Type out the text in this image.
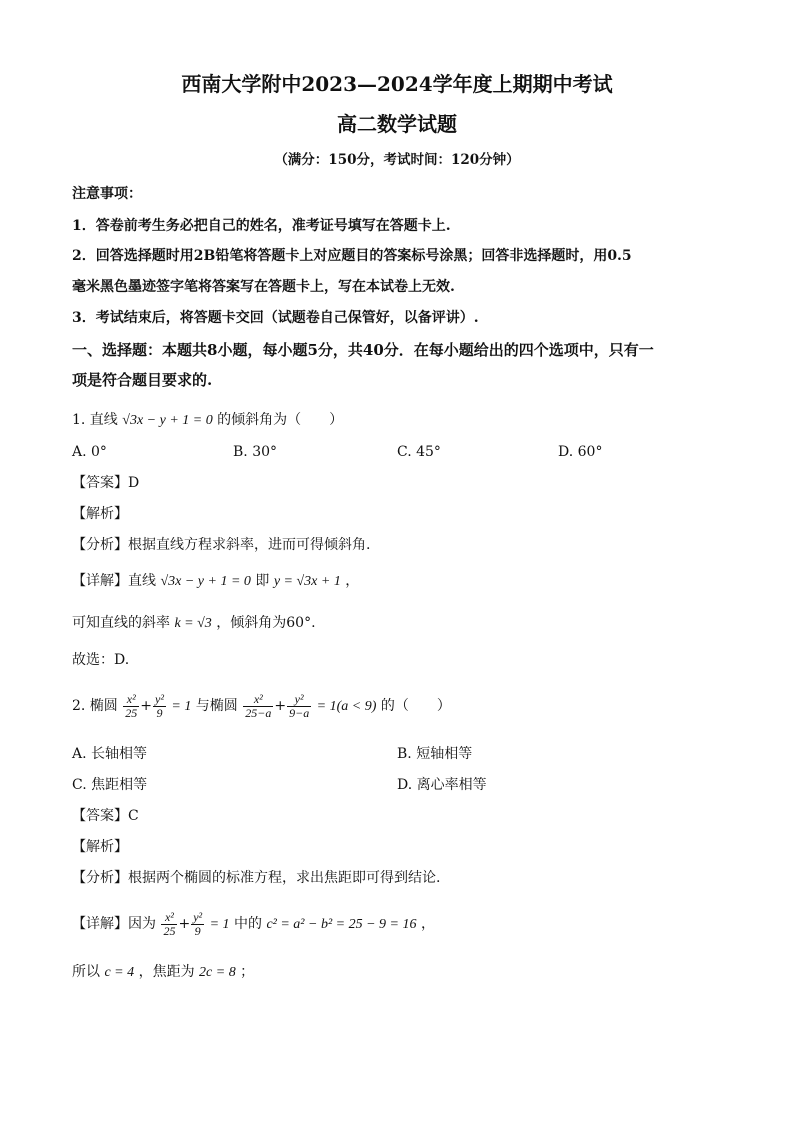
西南大学附中2023—2024学年度上期期中考试
高二数学试题
（满分：150分，考试时间：120分钟）
注意事项：
1．答卷前考生务必把自己的姓名，准考证号填写在答题卡上.
2．回答选择题时用2B铅笔将答题卡上对应题目的答案标号涂黑；回答非选择题时，用0.5
毫米黑色墨迹签字笔将答案写在答题卡上，写在本试卷上无效.
3．考试结束后，将答题卡交回（试题卷自己保管好，以备评讲）.
一、选择题：本题共8小题，每小题5分，共40分．在每小题给出的四个选项中，只有一
项是符合题目要求的.
1. 直线 √3x − y + 1 = 0 的倾斜角为（　　）
A. 0°	B. 30°	C. 45°	D. 60°
【答案】D
【解析】
【分析】根据直线方程求斜率，进而可得倾斜角.
【详解】直线 √3x − y + 1 = 0 即 y = √3x + 1 ，
可知直线的斜率 k = √3 ，倾斜角为60°.
故选：D.
2. 椭圆 $\frac{\text{x²}}{25} + \frac{\text{y²}}{9} = 1$ 与椭圆 $\frac{\text{x²}}{25-a} + \frac{\text{y²}}{9-a} = 1(a < 9)$ 的（　　）
A. 长轴相等	B. 短轴相等
C. 焦距相等	D. 离心率相等
【答案】C
【解析】
【分析】根据两个椭圆的标准方程，求出焦距即可得到结论.
【详解】因为 $\frac{\text{x²}}{25} + \frac{\text{y²}}{9} = 1$ 中的 c² = a² − b² = 25 − 9 = 16 ，
所以 c = 4 ，焦距为 2c = 8 ；
